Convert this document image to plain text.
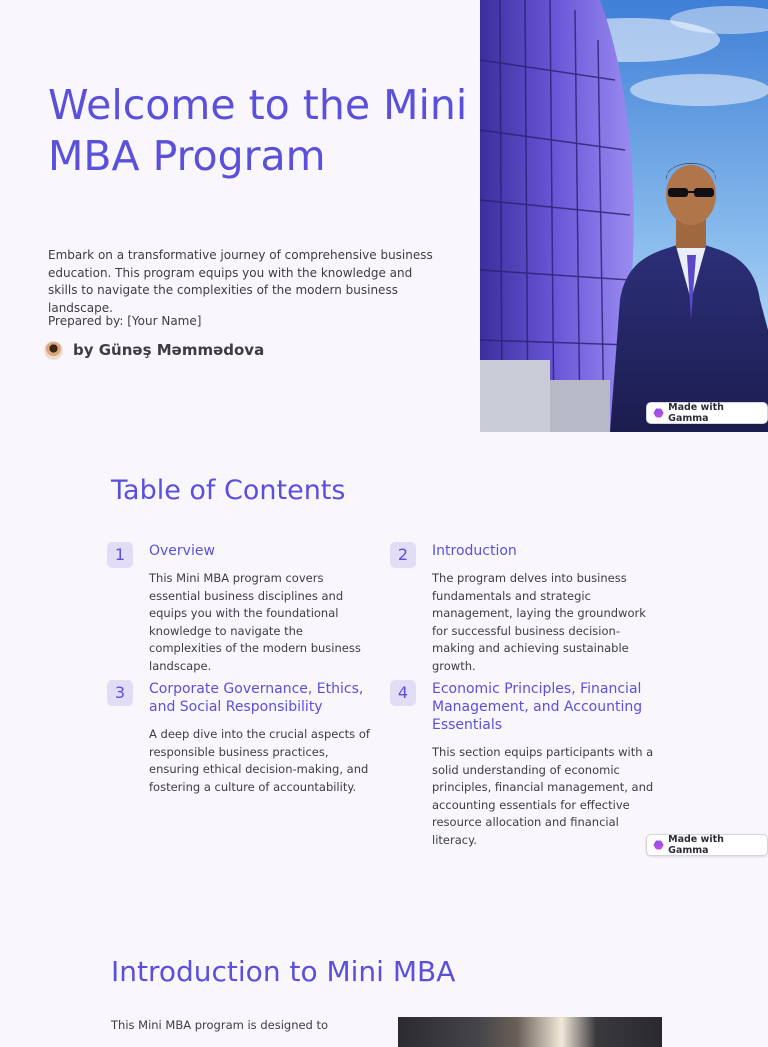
Welcome to the Mini MBA Program

Embark on a transformative journey of comprehensive business education. This program equips you with the knowledge and skills to navigate the complexities of the modern business landscape.

Prepared by: [Your Name]

by Günəş Məmmədova
Made with Gamma
Table of Contents
1	Overview
This Mini MBA program covers essential business disciplines and equips you with the foundational knowledge to navigate the complexities of the modern business landscape.
2	Introduction
The program delves into business fundamentals and strategic management, laying the groundwork for successful business decision-making and achieving sustainable growth.
3	Corporate Governance, Ethics, and Social Responsibility
A deep dive into the crucial aspects of responsible business practices, ensuring ethical decision-making, and fostering a culture of accountability.
4	Economic Principles, Financial Management, and Accounting Essentials
This section equips participants with a solid understanding of economic principles, financial management, and accounting essentials for effective resource allocation and financial literacy.	Made with Gamma
Introduction to Mini MBA

This Mini MBA program is designed to
